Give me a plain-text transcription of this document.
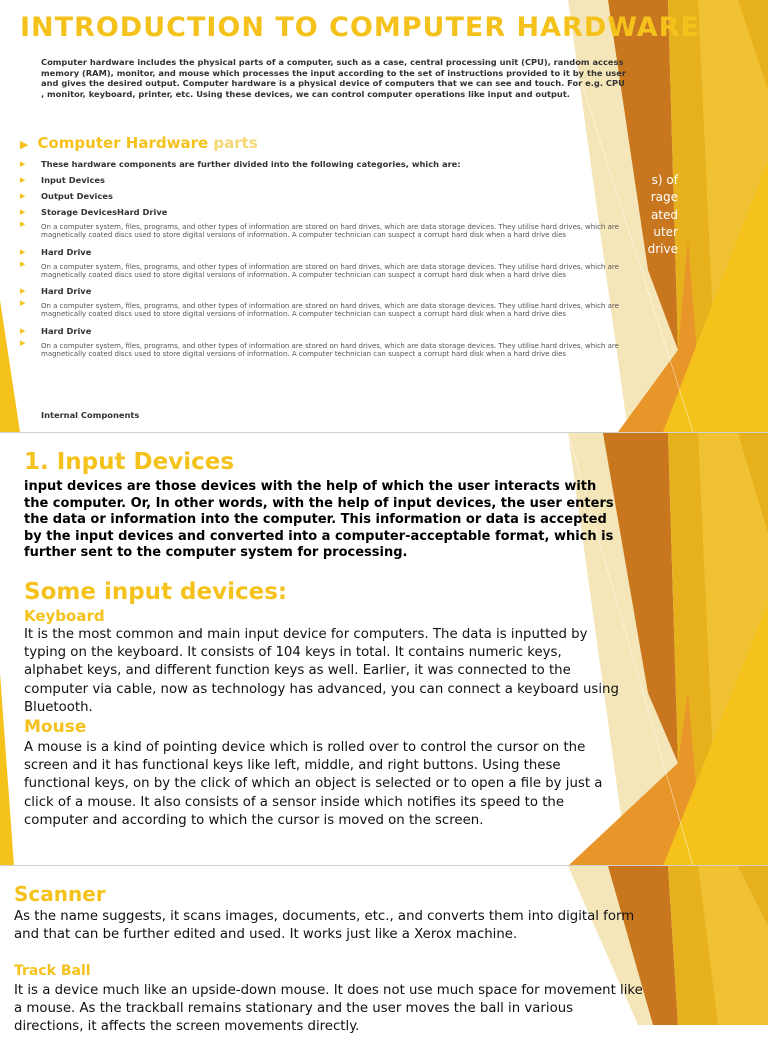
s) of
rage
ated
uter
drive
INTRODUCTION TO COMPUTER HARDWARE

Computer hardware includes the physical parts of a computer, such as a case, central processing unit (CPU), random access memory (RAM), monitor, and mouse which processes the input according to the set of instructions provided to it by the user and gives the desired output. Computer hardware is a physical device of computers that we can see and touch. For e.g. CPU , monitor, keyboard, printer, etc. Using these devices, we can control computer operations like input and output.

▶ Computer Hardware parts
▶ These hardware components are further divided into the following categories, which are:
▶ Input Devices
▶ Output Devices
▶ Storage DevicesHard Drive
▶ On a computer system, files, programs, and other types of information are stored on hard drives, which are data storage devices. They utilise hard drives, which are magnetically coated discs used to store digital versions of information. A computer technician can suspect a corrupt hard disk when a hard drive dies
▶ Hard Drive
▶ On a computer system, files, programs, and other types of information are stored on hard drives, which are data storage devices. They utilise hard drives, which are magnetically coated discs used to store digital versions of information. A computer technician can suspect a corrupt hard disk when a hard drive dies
▶ Hard Drive
▶ On a computer system, files, programs, and other types of information are stored on hard drives, which are data storage devices. They utilise hard drives, which are magnetically coated discs used to store digital versions of information. A computer technician can suspect a corrupt hard disk when a hard drive dies
▶ Hard Drive
▶ On a computer system, files, programs, and other types of information are stored on hard drives, which are data storage devices. They utilise hard drives, which are magnetically coated discs used to store digital versions of information. A computer technician can suspect a corrupt hard disk when a hard drive dies
Internal Components
1. Input Devices

input devices are those devices with the help of which the user interacts with the computer. Or, In other words, with the help of input devices, the user enters the data or information into the computer. This information or data is accepted by the input devices and converted into a computer-acceptable format, which is further sent to the computer system for processing.

Some input devices:
Keyboard

It is the most common and main input device for computers. The data is inputted by typing on the keyboard. It consists of 104 keys in total. It contains numeric keys, alphabet keys, and different function keys as well. Earlier, it was connected to the computer via cable, now as technology has advanced, you can connect a keyboard using Bluetooth.

Mouse

A mouse is a kind of pointing device which is rolled over to control the cursor on the screen and it has functional keys like left, middle, and right buttons. Using these functional keys, on by the click of which an object is selected or to open a file by just a click of a mouse. It also consists of a sensor inside which notifies its speed to the computer and according to which the cursor is moved on the screen.

Scanner

As the name suggests, it scans images, documents, etc., and converts them into digital form and that can be further edited and used. It works just like a Xerox machine.

Track Ball

It is a device much like an upside-down mouse. It does not use much space for movement like a mouse. As the trackball remains stationary and the user moves the ball in various directions, it affects the screen movements directly.
